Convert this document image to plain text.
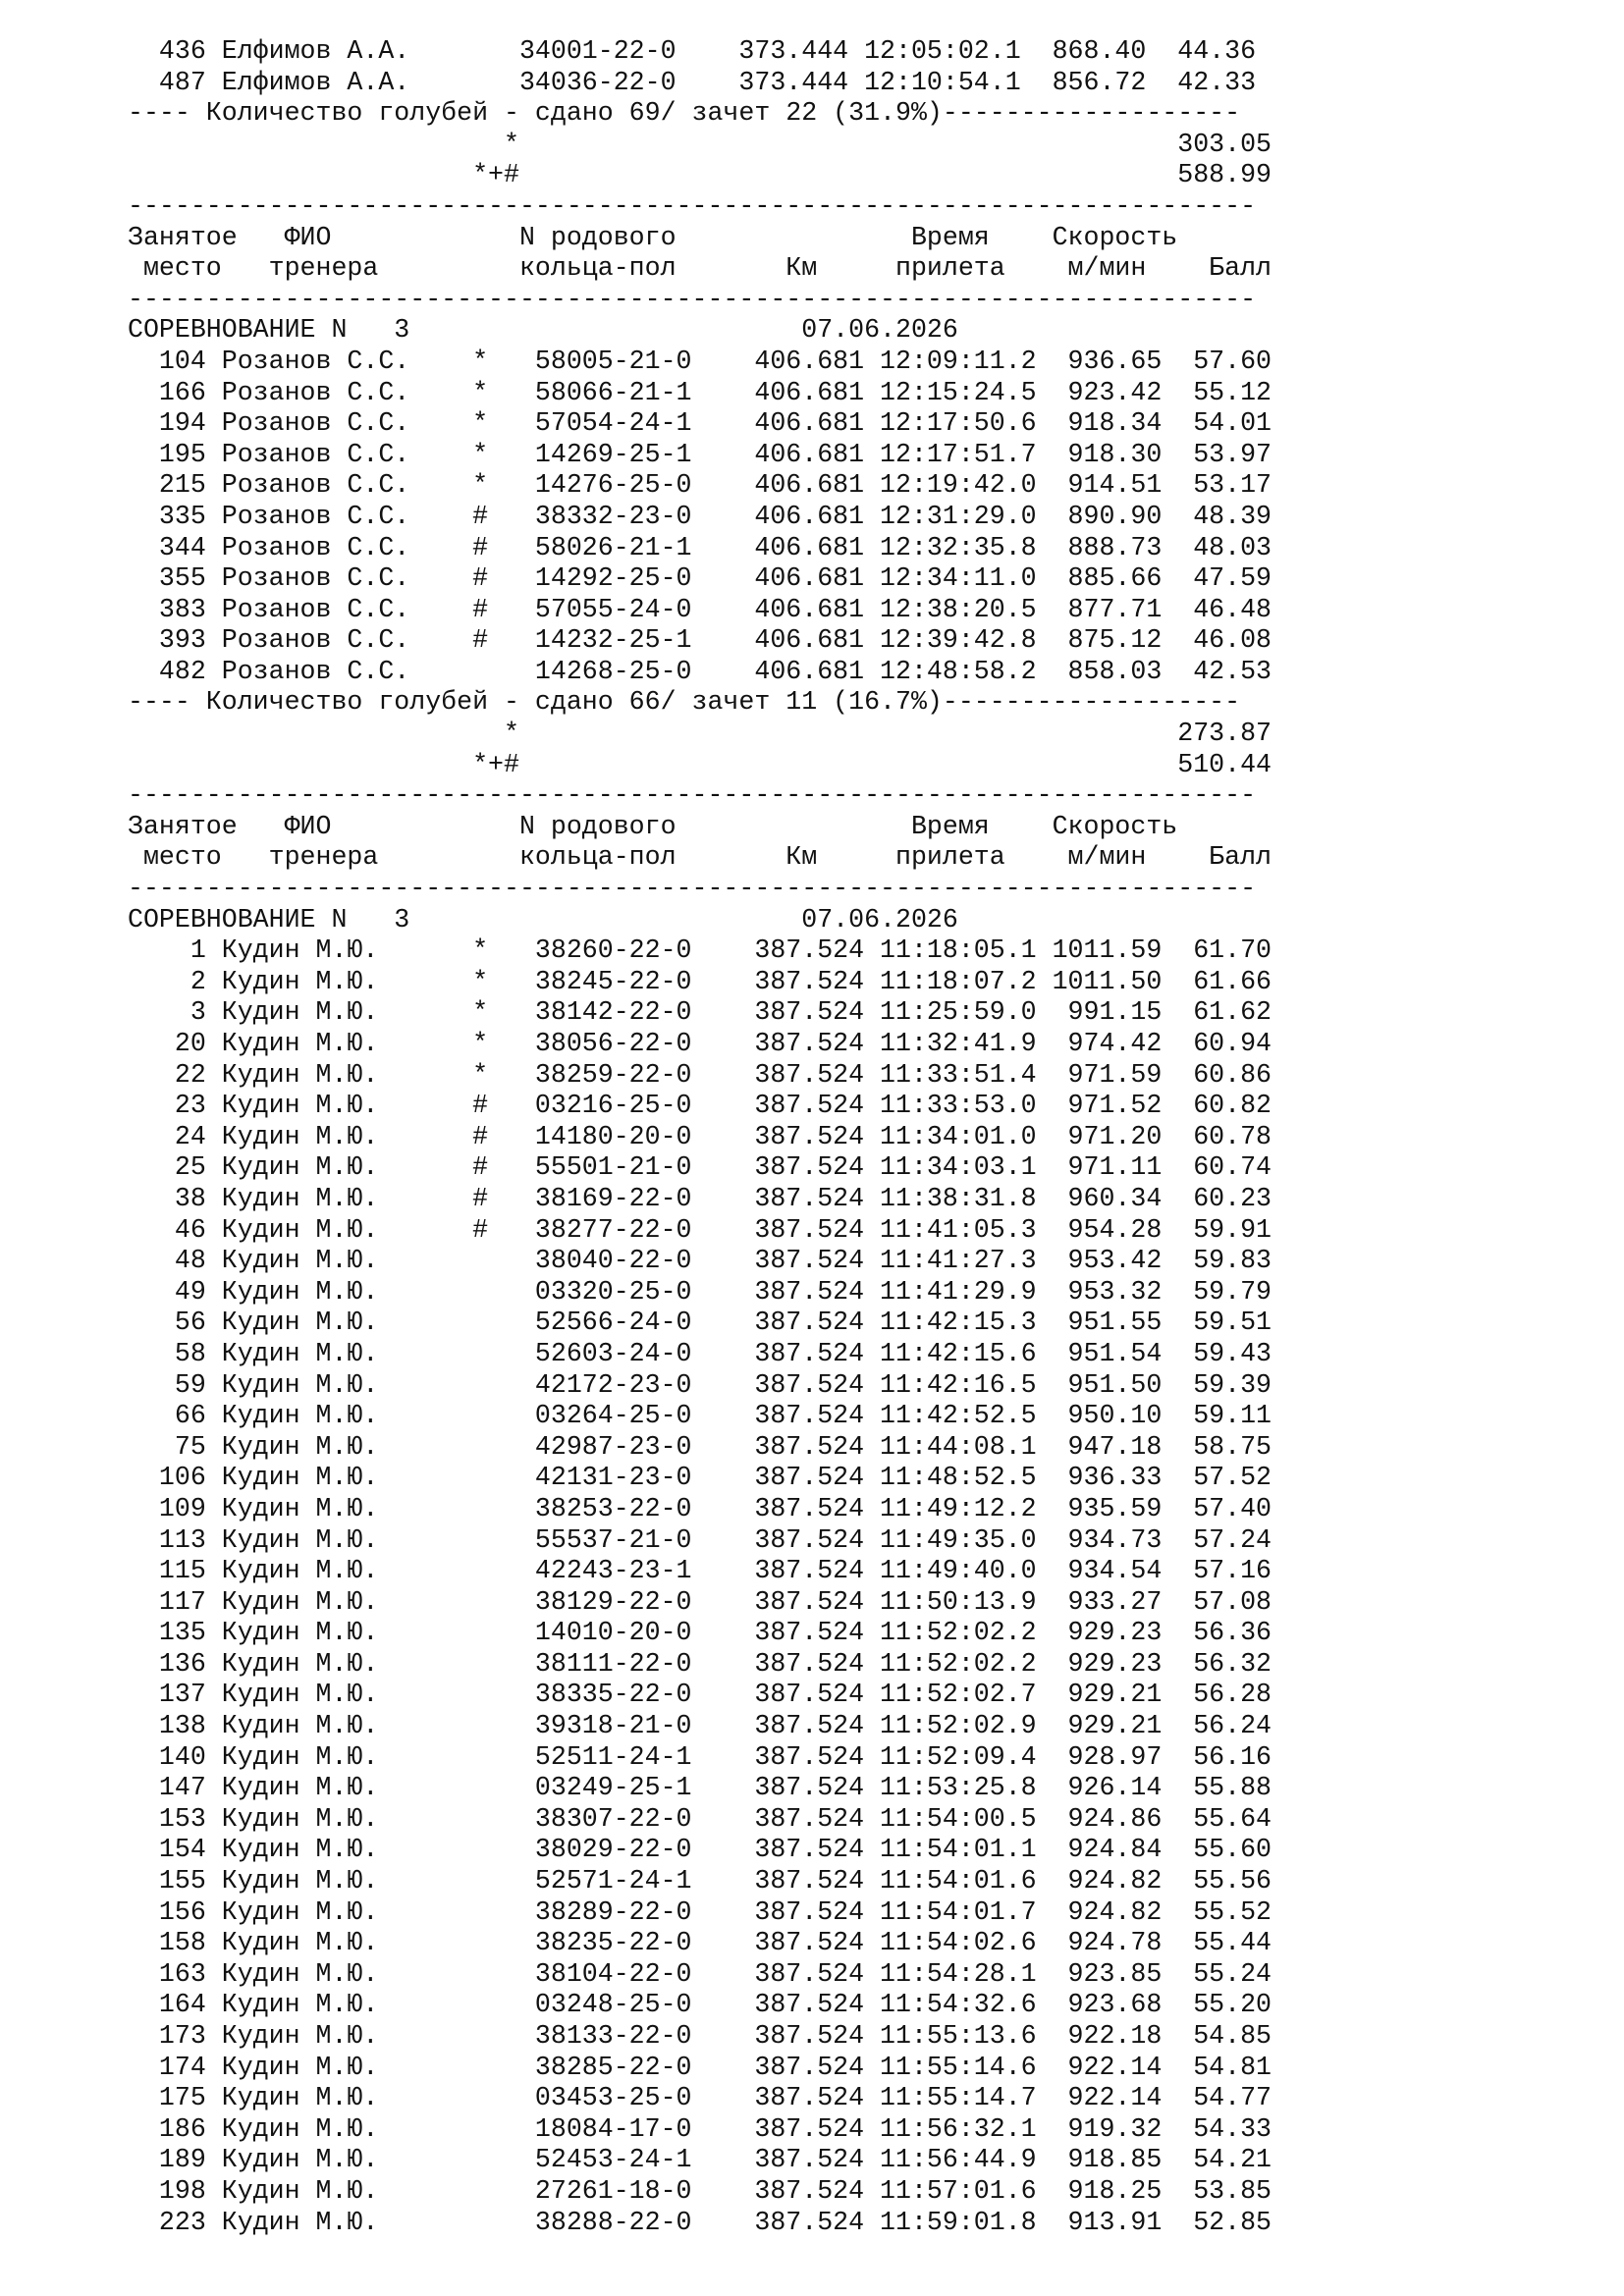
436 Елфимов А.А.       34001-22-0    373.444 12:05:02.1  868.40  44.36
487 Елфимов А.А.       34036-22-0    373.444 12:10:54.1  856.72  42.33
---- Количество голубей - сдано 69/ зачет 22 (31.9%)-------------------
*                                          303.05
*+#                                          588.99
------------------------------------------------------------------------
Занятое   ФИО            N родового               Время    Скорость
место   тренера         кольца-пол       Км     прилета    м/мин    Балл
------------------------------------------------------------------------
СОРЕВНОВАНИЕ N   3                         07.06.2026
104 Розанов С.С.    *   58005-21-0    406.681 12:09:11.2  936.65  57.60
166 Розанов С.С.    *   58066-21-1    406.681 12:15:24.5  923.42  55.12
194 Розанов С.С.    *   57054-24-1    406.681 12:17:50.6  918.34  54.01
195 Розанов С.С.    *   14269-25-1    406.681 12:17:51.7  918.30  53.97
215 Розанов С.С.    *   14276-25-0    406.681 12:19:42.0  914.51  53.17
335 Розанов С.С.    #   38332-23-0    406.681 12:31:29.0  890.90  48.39
344 Розанов С.С.    #   58026-21-1    406.681 12:32:35.8  888.73  48.03
355 Розанов С.С.    #   14292-25-0    406.681 12:34:11.0  885.66  47.59
383 Розанов С.С.    #   57055-24-0    406.681 12:38:20.5  877.71  46.48
393 Розанов С.С.    #   14232-25-1    406.681 12:39:42.8  875.12  46.08
482 Розанов С.С.        14268-25-0    406.681 12:48:58.2  858.03  42.53
---- Количество голубей - сдано 66/ зачет 11 (16.7%)-------------------
*                                          273.87
*+#                                          510.44
------------------------------------------------------------------------
Занятое   ФИО            N родового               Время    Скорость
место   тренера         кольца-пол       Км     прилета    м/мин    Балл
------------------------------------------------------------------------
СОРЕВНОВАНИЕ N   3                         07.06.2026
1 Кудин М.Ю.      *   38260-22-0    387.524 11:18:05.1 1011.59  61.70
2 Кудин М.Ю.      *   38245-22-0    387.524 11:18:07.2 1011.50  61.66
3 Кудин М.Ю.      *   38142-22-0    387.524 11:25:59.0  991.15  61.62
20 Кудин М.Ю.      *   38056-22-0    387.524 11:32:41.9  974.42  60.94
22 Кудин М.Ю.      *   38259-22-0    387.524 11:33:51.4  971.59  60.86
23 Кудин М.Ю.      #   03216-25-0    387.524 11:33:53.0  971.52  60.82
24 Кудин М.Ю.      #   14180-20-0    387.524 11:34:01.0  971.20  60.78
25 Кудин М.Ю.      #   55501-21-0    387.524 11:34:03.1  971.11  60.74
38 Кудин М.Ю.      #   38169-22-0    387.524 11:38:31.8  960.34  60.23
46 Кудин М.Ю.      #   38277-22-0    387.524 11:41:05.3  954.28  59.91
48 Кудин М.Ю.          38040-22-0    387.524 11:41:27.3  953.42  59.83
49 Кудин М.Ю.          03320-25-0    387.524 11:41:29.9  953.32  59.79
56 Кудин М.Ю.          52566-24-0    387.524 11:42:15.3  951.55  59.51
58 Кудин М.Ю.          52603-24-0    387.524 11:42:15.6  951.54  59.43
59 Кудин М.Ю.          42172-23-0    387.524 11:42:16.5  951.50  59.39
66 Кудин М.Ю.          03264-25-0    387.524 11:42:52.5  950.10  59.11
75 Кудин М.Ю.          42987-23-0    387.524 11:44:08.1  947.18  58.75
106 Кудин М.Ю.          42131-23-0    387.524 11:48:52.5  936.33  57.52
109 Кудин М.Ю.          38253-22-0    387.524 11:49:12.2  935.59  57.40
113 Кудин М.Ю.          55537-21-0    387.524 11:49:35.0  934.73  57.24
115 Кудин М.Ю.          42243-23-1    387.524 11:49:40.0  934.54  57.16
117 Кудин М.Ю.          38129-22-0    387.524 11:50:13.9  933.27  57.08
135 Кудин М.Ю.          14010-20-0    387.524 11:52:02.2  929.23  56.36
136 Кудин М.Ю.          38111-22-0    387.524 11:52:02.2  929.23  56.32
137 Кудин М.Ю.          38335-22-0    387.524 11:52:02.7  929.21  56.28
138 Кудин М.Ю.          39318-21-0    387.524 11:52:02.9  929.21  56.24
140 Кудин М.Ю.          52511-24-1    387.524 11:52:09.4  928.97  56.16
147 Кудин М.Ю.          03249-25-1    387.524 11:53:25.8  926.14  55.88
153 Кудин М.Ю.          38307-22-0    387.524 11:54:00.5  924.86  55.64
154 Кудин М.Ю.          38029-22-0    387.524 11:54:01.1  924.84  55.60
155 Кудин М.Ю.          52571-24-1    387.524 11:54:01.6  924.82  55.56
156 Кудин М.Ю.          38289-22-0    387.524 11:54:01.7  924.82  55.52
158 Кудин М.Ю.          38235-22-0    387.524 11:54:02.6  924.78  55.44
163 Кудин М.Ю.          38104-22-0    387.524 11:54:28.1  923.85  55.24
164 Кудин М.Ю.          03248-25-0    387.524 11:54:32.6  923.68  55.20
173 Кудин М.Ю.          38133-22-0    387.524 11:55:13.6  922.18  54.85
174 Кудин М.Ю.          38285-22-0    387.524 11:55:14.6  922.14  54.81
175 Кудин М.Ю.          03453-25-0    387.524 11:55:14.7  922.14  54.77
186 Кудин М.Ю.          18084-17-0    387.524 11:56:32.1  919.32  54.33
189 Кудин М.Ю.          52453-24-1    387.524 11:56:44.9  918.85  54.21
198 Кудин М.Ю.          27261-18-0    387.524 11:57:01.6  918.25  53.85
223 Кудин М.Ю.          38288-22-0    387.524 11:59:01.8  913.91  52.85
